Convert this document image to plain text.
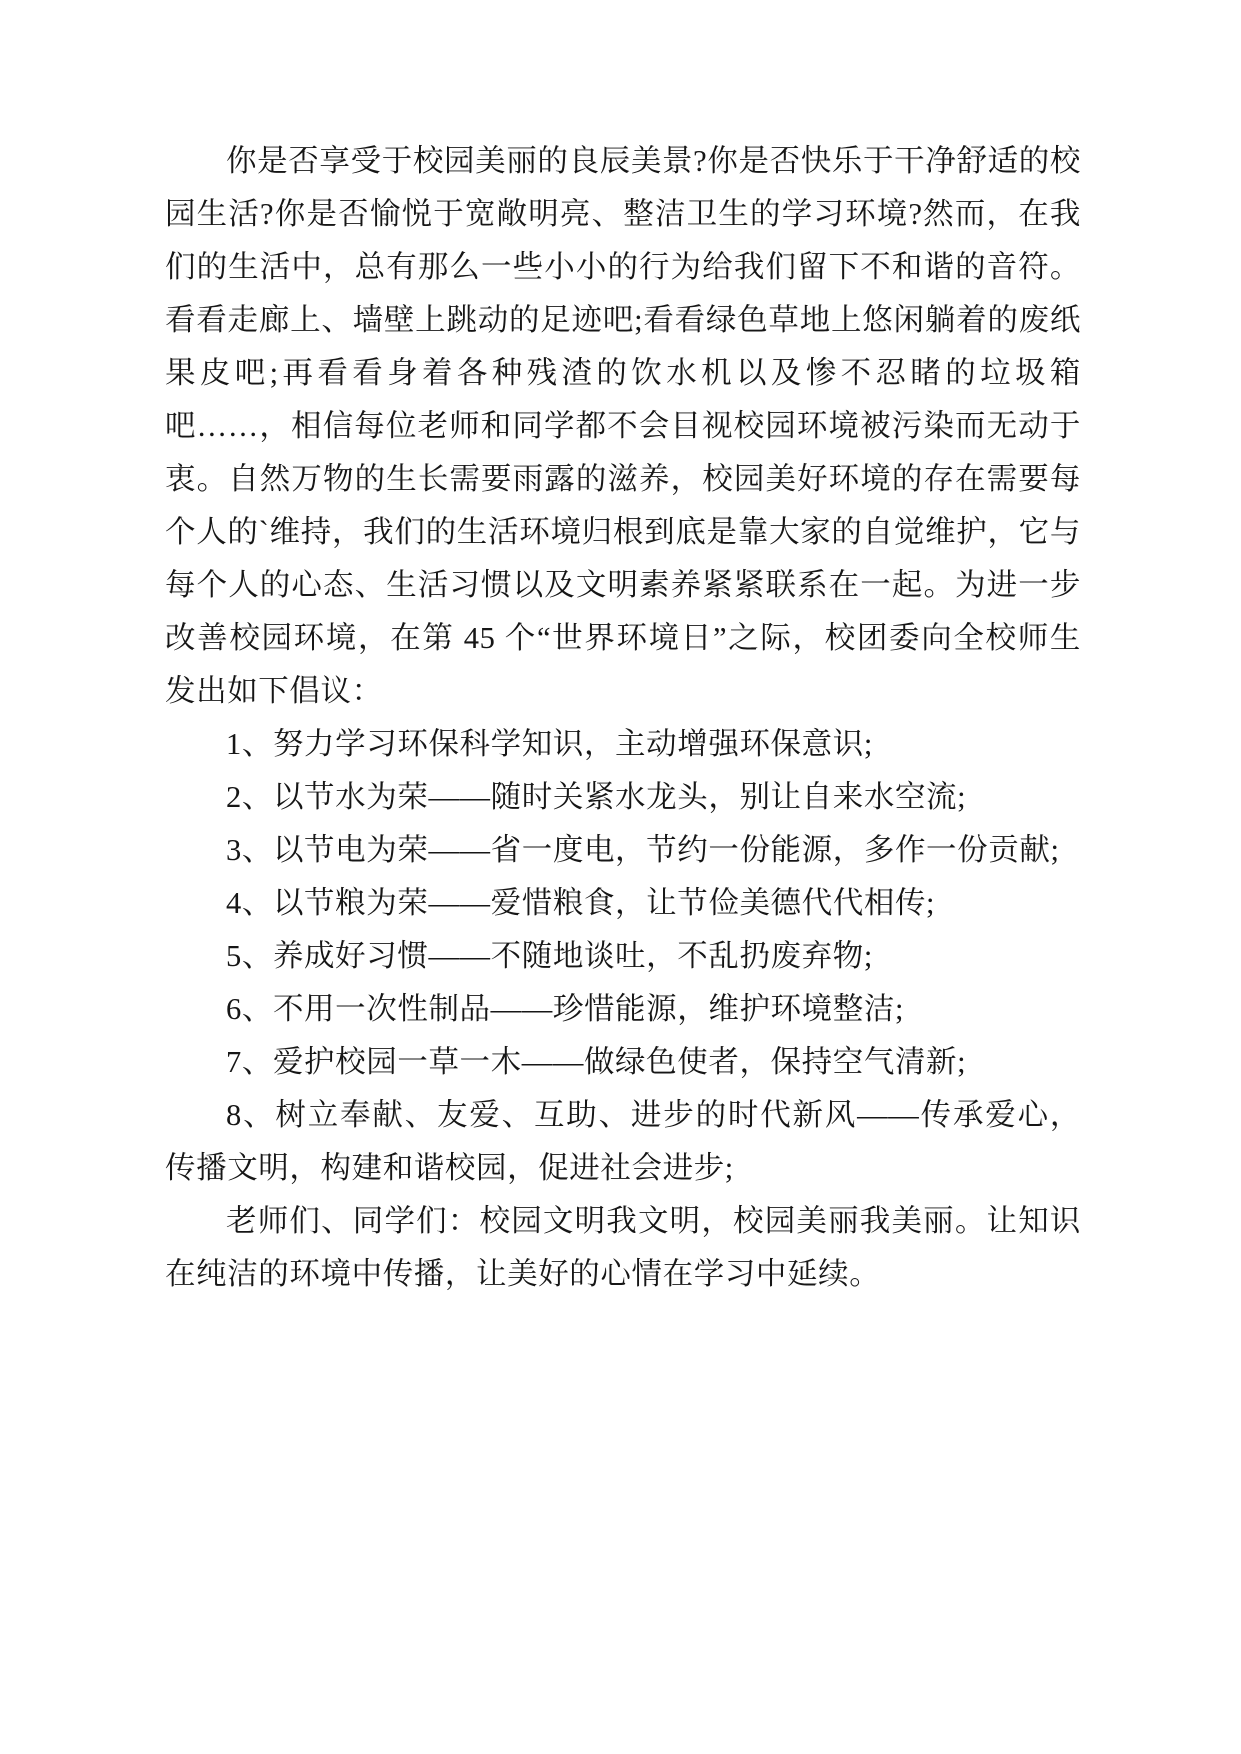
你是否享受于校园美丽的良辰美景?你是否快乐于干净舒适的校园生活?你是否愉悦于宽敞明亮、整洁卫生的学习环境?然而，在我们的生活中，总有那么一些小小的行为给我们留下不和谐的音符。看看走廊上、墙壁上跳动的足迹吧;看看绿色草地上悠闲躺着的废纸果皮吧;再看看身着各种残渣的饮水机以及惨不忍睹的垃圾箱吧……，相信每位老师和同学都不会目视校园环境被污染而无动于衷。自然万物的生长需要雨露的滋养，校园美好环境的存在需要每个人的`维持，我们的生活环境归根到底是靠大家的自觉维护，它与每个人的心态、生活习惯以及文明素养紧紧联系在一起。为进一步改善校园环境，在第 45 个“世界环境日”之际，校团委向全校师生发出如下倡议：

1、努力学习环保科学知识，主动增强环保意识;

2、以节水为荣——随时关紧水龙头，别让自来水空流;

3、以节电为荣——省一度电，节约一份能源，多作一份贡献;

4、以节粮为荣——爱惜粮食，让节俭美德代代相传;

5、养成好习惯——不随地谈吐，不乱扔废弃物;

6、不用一次性制品——珍惜能源，维护环境整洁;

7、爱护校园一草一木——做绿色使者，保持空气清新;

8、树立奉献、友爱、互助、进步的时代新风——传承爱心，传播文明，构建和谐校园，促进社会进步;

老师们、同学们：校园文明我文明，校园美丽我美丽。让知识在纯洁的环境中传播，让美好的心情在学习中延续。
